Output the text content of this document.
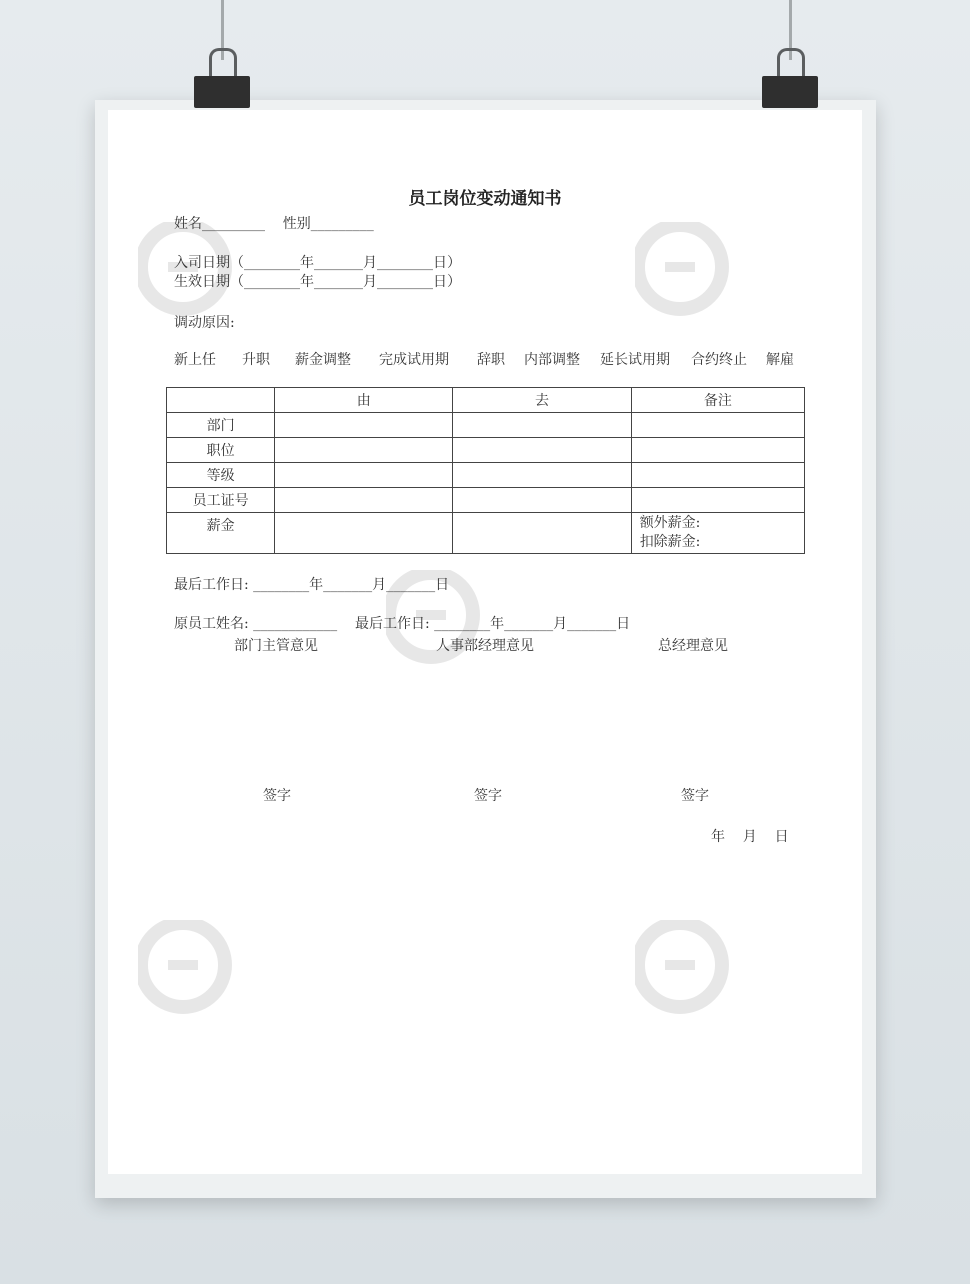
员工岗位变动通知书
姓名_________    性别_________
入司日期（________年_______月________日）
生效日期（________年_______月________日）
调动原因:
新上任 升职 薪金调整 完成试用期 辞职 内部调整 延长试用期 合约终止 解雇
	由	去	备注
部门			
职位			
等级			
员工证号			
薪金			额外薪金:
扣除薪金:
最后工作日: ________年_______月_______日
原员工姓名: ____________    最后工作日: ________年_______月_______日
部门主管意见	人事部经理意见	总经理意见
签字	签字	签字
年    月    日
